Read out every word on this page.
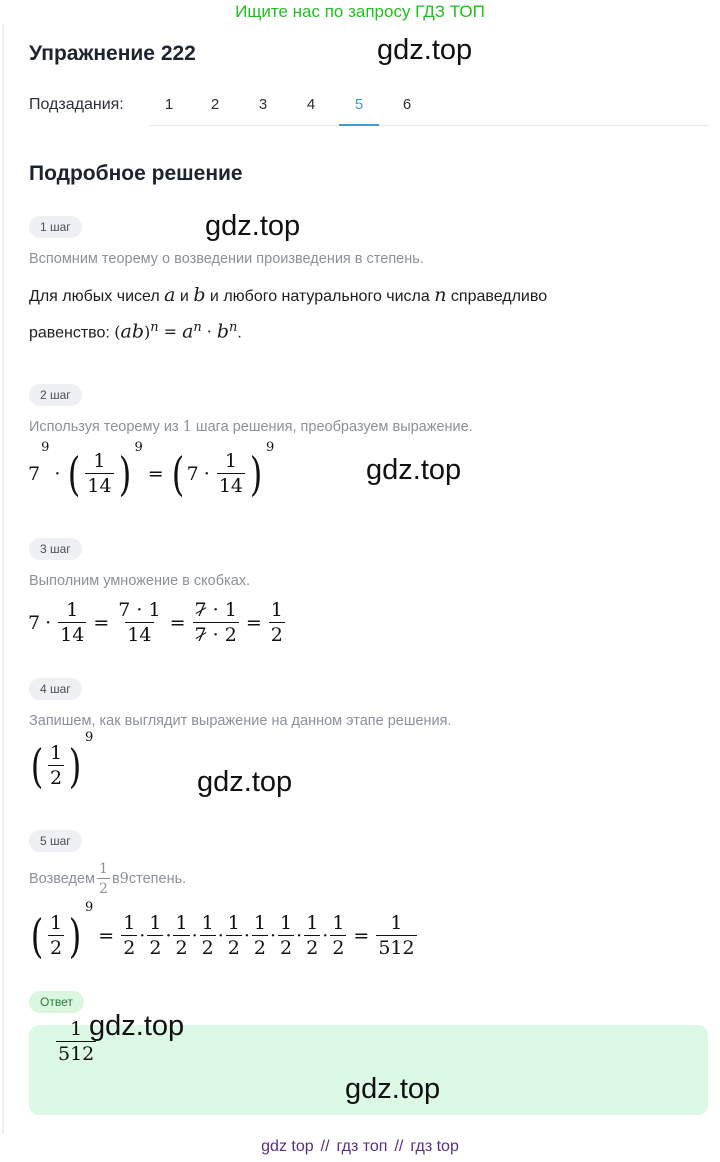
Ищите нас по запросу ГДЗ ТОП
Упражнение 222	gdz.top
Подзадания:	1	2	3	4	5	6
Подробное решение
1 шаг	gdz.top
Вспомним теорему о возведении произведения в степень.
Для любых чисел a и b и любого натурального числа n справедливо
равенство: $(ab)^n = a^n \cdot b^n$.
2 шаг
Используя теорему из 1 шага решения, преобразуем выражение.
7
9
· ( $\frac{1}{14}$ ) 9
= ( $7 \cdot \frac{1}{14}$ ) 9
gdz.top
3 шаг
Выполним умножение в скобках.
$7 \cdot \frac{1}{14} = \frac{7 \cdot 1}{14} = \frac{7 \cdot 1}{7 \cdot 2} = \frac{1}{2}$
4 шаг
Запишем, как выглядит выражение на данном этапе решения.
( $\frac{1}{2}$ )
9
gdz.top
5 шаг
Возведем $\frac{1}{2}$ в 9 степень.
( $\frac{1}{2}$ )
9
= $\frac{1}{2} \cdot \frac{1}{2} \cdot \frac{1}{2} \cdot \frac{1}{2} \cdot \frac{1}{2} \cdot \frac{1}{2} \cdot \frac{1}{2} \cdot \frac{1}{2} \cdot \frac{1}{2} = \frac{1}{512}$
Ответ
$\frac{1}{512}$
gdz.top
gdz.top
gdz top // гдз топ // гдз top
